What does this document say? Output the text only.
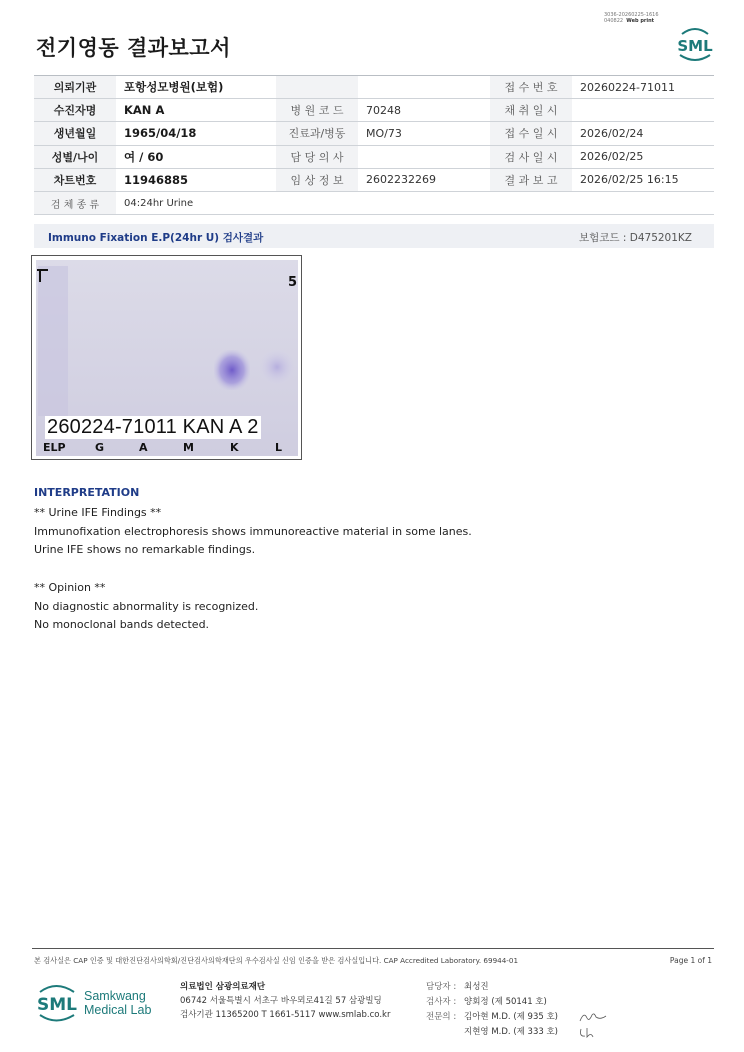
3036-20260225-1616
040822 Web print
전기영동 결과보고서	SML
의뢰기관	포항성모병원(보험)			접 수 번 호	20260224-71011
수진자명	KAN A	병 원 코 드	70248	채 취 일 시	
생년월일	1965/04/18	진료과/병동	MO/73	접 수 일 시	2026/02/24
성별/나이	여 / 60	담 당 의 사		검 사 일 시	2026/02/25
차트번호	11946885	임 상 정 보	2602232269	결 과 보 고	2026/02/25 16:15
검 체 종 류	04:24hr Urine				
Immuno Fixation E.P(24hr U) 검사결과	보험코드 : D475201KZ
5
260224-71011 KAN A 2
ELP	G	A	M	K	L
INTERPRETATION
** Urine IFE Findings **
Immunofixation electrophoresis shows immunoreactive material in some lanes.
Urine IFE shows no remarkable findings.
** Opinion **
No diagnostic abnormality is recognized.
No monoclonal bands detected.
본 검사실은 CAP 인증 및 대한진단검사의학회/진단검사의학재단의 우수검사실 신임 인증을 받은 검사실입니다. CAP Accredited Laboratory. 69944-01	Page 1 of 1
SML Samkwang
Medical Lab
의료법인 삼광의료재단
06742 서울특별시 서초구 바우뫼로41길 57 삼광빌딩
검사기관 11365200 T 1661-5117 www.smlab.co.kr
담당자 : 최성진
검사자 : 양회정 (제 50141 호)
전문의 : 김아현 M.D. (제 935 호)
지현영 M.D. (제 333 호)
